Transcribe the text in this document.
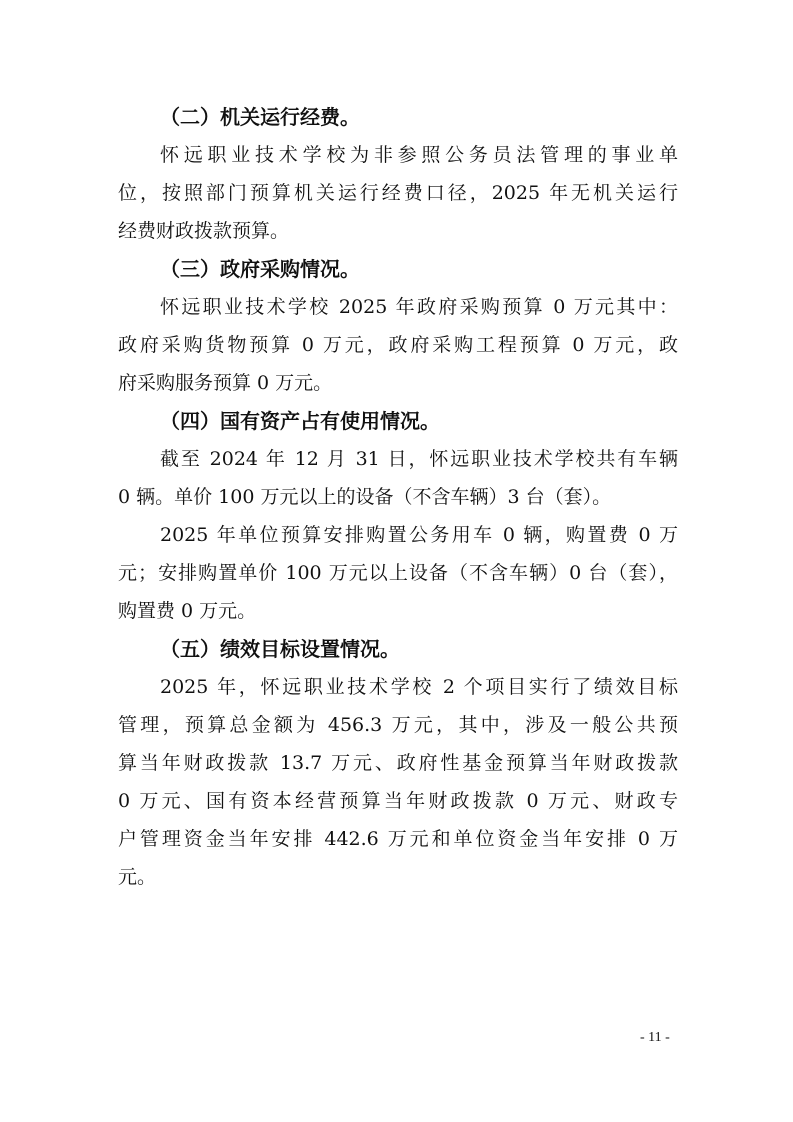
（二）机关运行经费。

怀远职业技术学校为非参照公务员法管理的事业单
位，按照部门预算机关运行经费口径，2025 年无机关运行
经费财政拨款预算。

（三）政府采购情况。

怀远职业技术学校 2025 年政府采购预算 0 万元其中：
政府采购货物预算 0 万元，政府采购工程预算 0 万元，政
府采购服务预算 0 万元。

（四）国有资产占有使用情况。

截至 2024 年 12 月 31 日，怀远职业技术学校共有车辆
0 辆。单价 100 万元以上的设备（不含车辆）3 台（套）。

2025 年单位预算安排购置公务用车 0 辆，购置费 0 万
元；安排购置单价 100 万元以上设备（不含车辆）0 台（套），
购置费 0 万元。

（五）绩效目标设置情况。

2025 年，怀远职业技术学校 2 个项目实行了绩效目标
管理，预算总金额为 456.3 万元，其中，涉及一般公共预
算当年财政拨款 13.7 万元、政府性基金预算当年财政拨款
0 万元、国有资本经营预算当年财政拨款 0 万元、财政专
户管理资金当年安排 442.6 万元和单位资金当年安排 0 万
元。

- 11 -
